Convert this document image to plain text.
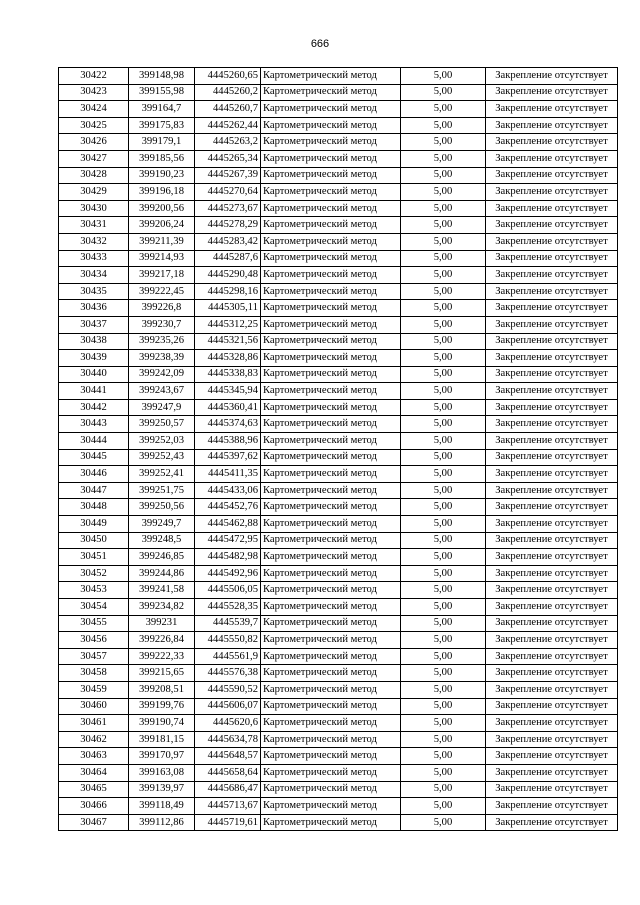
666
30422	399148,98	4445260,65	Картометрический метод	5,00	Закрепление отсутствует
30423	399155,98	4445260,2	Картометрический метод	5,00	Закрепление отсутствует
30424	399164,7	4445260,7	Картометрический метод	5,00	Закрепление отсутствует
30425	399175,83	4445262,44	Картометрический метод	5,00	Закрепление отсутствует
30426	399179,1	4445263,2	Картометрический метод	5,00	Закрепление отсутствует
30427	399185,56	4445265,34	Картометрический метод	5,00	Закрепление отсутствует
30428	399190,23	4445267,39	Картометрический метод	5,00	Закрепление отсутствует
30429	399196,18	4445270,64	Картометрический метод	5,00	Закрепление отсутствует
30430	399200,56	4445273,67	Картометрический метод	5,00	Закрепление отсутствует
30431	399206,24	4445278,29	Картометрический метод	5,00	Закрепление отсутствует
30432	399211,39	4445283,42	Картометрический метод	5,00	Закрепление отсутствует
30433	399214,93	4445287,6	Картометрический метод	5,00	Закрепление отсутствует
30434	399217,18	4445290,48	Картометрический метод	5,00	Закрепление отсутствует
30435	399222,45	4445298,16	Картометрический метод	5,00	Закрепление отсутствует
30436	399226,8	4445305,11	Картометрический метод	5,00	Закрепление отсутствует
30437	399230,7	4445312,25	Картометрический метод	5,00	Закрепление отсутствует
30438	399235,26	4445321,56	Картометрический метод	5,00	Закрепление отсутствует
30439	399238,39	4445328,86	Картометрический метод	5,00	Закрепление отсутствует
30440	399242,09	4445338,83	Картометрический метод	5,00	Закрепление отсутствует
30441	399243,67	4445345,94	Картометрический метод	5,00	Закрепление отсутствует
30442	399247,9	4445360,41	Картометрический метод	5,00	Закрепление отсутствует
30443	399250,57	4445374,63	Картометрический метод	5,00	Закрепление отсутствует
30444	399252,03	4445388,96	Картометрический метод	5,00	Закрепление отсутствует
30445	399252,43	4445397,62	Картометрический метод	5,00	Закрепление отсутствует
30446	399252,41	4445411,35	Картометрический метод	5,00	Закрепление отсутствует
30447	399251,75	4445433,06	Картометрический метод	5,00	Закрепление отсутствует
30448	399250,56	4445452,76	Картометрический метод	5,00	Закрепление отсутствует
30449	399249,7	4445462,88	Картометрический метод	5,00	Закрепление отсутствует
30450	399248,5	4445472,95	Картометрический метод	5,00	Закрепление отсутствует
30451	399246,85	4445482,98	Картометрический метод	5,00	Закрепление отсутствует
30452	399244,86	4445492,96	Картометрический метод	5,00	Закрепление отсутствует
30453	399241,58	4445506,05	Картометрический метод	5,00	Закрепление отсутствует
30454	399234,82	4445528,35	Картометрический метод	5,00	Закрепление отсутствует
30455	399231	4445539,7	Картометрический метод	5,00	Закрепление отсутствует
30456	399226,84	4445550,82	Картометрический метод	5,00	Закрепление отсутствует
30457	399222,33	4445561,9	Картометрический метод	5,00	Закрепление отсутствует
30458	399215,65	4445576,38	Картометрический метод	5,00	Закрепление отсутствует
30459	399208,51	4445590,52	Картометрический метод	5,00	Закрепление отсутствует
30460	399199,76	4445606,07	Картометрический метод	5,00	Закрепление отсутствует
30461	399190,74	4445620,6	Картометрический метод	5,00	Закрепление отсутствует
30462	399181,15	4445634,78	Картометрический метод	5,00	Закрепление отсутствует
30463	399170,97	4445648,57	Картометрический метод	5,00	Закрепление отсутствует
30464	399163,08	4445658,64	Картометрический метод	5,00	Закрепление отсутствует
30465	399139,97	4445686,47	Картометрический метод	5,00	Закрепление отсутствует
30466	399118,49	4445713,67	Картометрический метод	5,00	Закрепление отсутствует
30467	399112,86	4445719,61	Картометрический метод	5,00	Закрепление отсутствует
